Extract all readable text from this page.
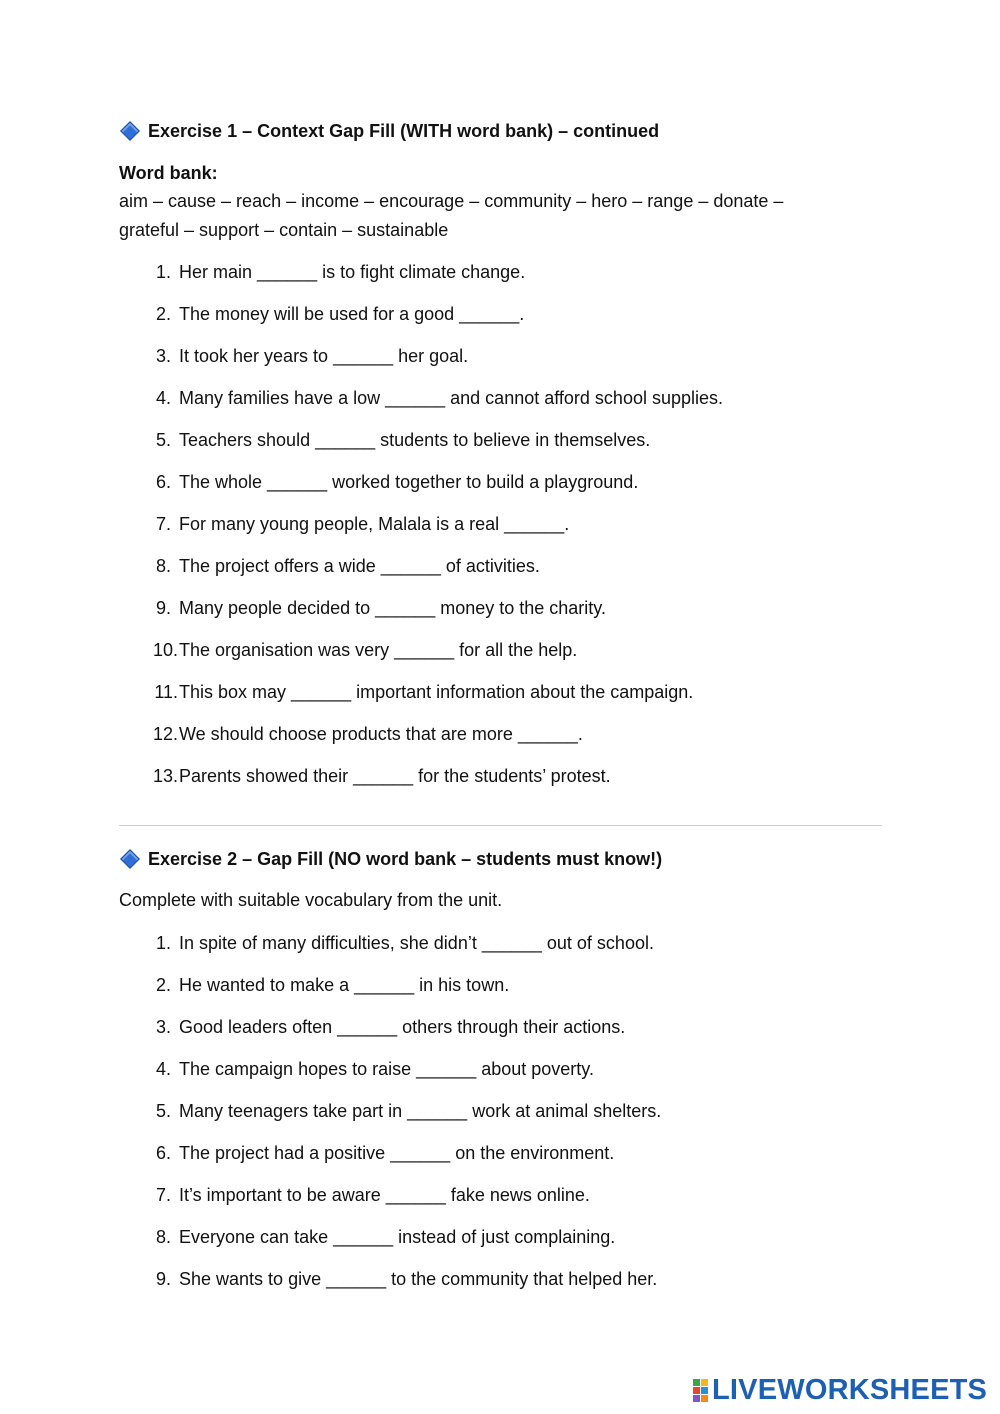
Exercise 1 – Context Gap Fill (WITH word bank) – continued
Word bank:
aim – cause – reach – income – encourage – community – hero – range – donate –
grateful – support – contain – sustainable
1. Her main ______ is to fight climate change.
2. The money will be used for a good ______.
3. It took her years to ______ her goal.
4. Many families have a low ______ and cannot afford school supplies.
5. Teachers should ______ students to believe in themselves.
6. The whole ______ worked together to build a playground.
7. For many young people, Malala is a real ______.
8. The project offers a wide ______ of activities.
9. Many people decided to ______ money to the charity.
10. The organisation was very ______ for all the help.
11. This box may ______ important information about the campaign.
12. We should choose products that are more ______.
13. Parents showed their ______ for the students’ protest.
Exercise 2 – Gap Fill (NO word bank – students must know!)
Complete with suitable vocabulary from the unit.
1. In spite of many difficulties, she didn’t ______ out of school.
2. He wanted to make a ______ in his town.
3. Good leaders often ______ others through their actions.
4. The campaign hopes to raise ______ about poverty.
5. Many teenagers take part in ______ work at animal shelters.
6. The project had a positive ______ on the environment.
7. It’s important to be aware ______ fake news online.
8. Everyone can take ______ instead of just complaining.
9. She wants to give ______ to the community that helped her.
LIVEWORKSHEETS
